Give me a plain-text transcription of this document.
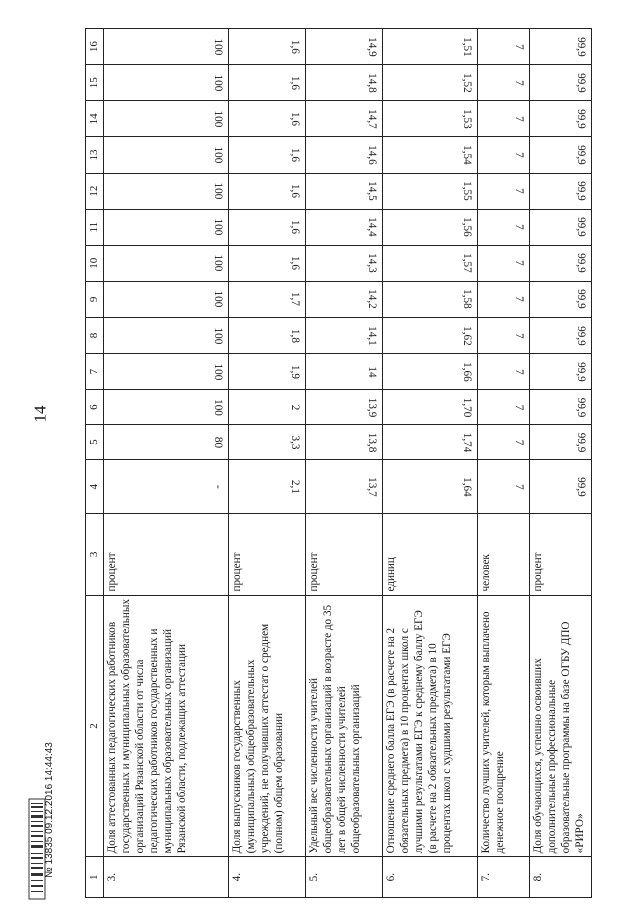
14
1	2	3	4	5	6	7	8	9	10	11	12	13	14	15	16
3.	Доля аттестованных педагогических работников государственных и муниципальных образовательных организаций Рязанской области от числа педагогических работников государственных и муниципальных образовательных организаций Рязанской области, подлежащих аттестации	процент	-	80	100	100	100	100	100	100	100	100	100	100	100
4.	Доля выпускников государственных (муниципальных) общеобразовательных учреждений, не получивших аттестат о среднем (полном) общем образовании	процент	2,1	3,3	2	1,9	1,8	1,7	1,6	1,6	1,6	1,6	1,6	1,6	1,6
5.	Удельный вес численности учителей общеобразовательных организаций в возрасте до 35 лет в общей численности учителей общеобразовательных организаций	процент	13,7	13,8	13,9	14	14,1	14,2	14,3	14,4	14,5	14,6	14,7	14,8	14,9
6.	Отношение среднего балла ЕГЭ (в расчете на 2 обязательных предмета) в 10 процентах школ с лучшими результатами ЕГЭ к среднему баллу ЕГЭ (в расчете на 2 обязательных предмета) в 10 процентах школ с худшими результатами ЕГЭ	единиц	1,64	1,74	1,70	1,66	1,62	1,58	1,57	1,56	1,55	1,54	1,53	1,52	1,51
7.	Количество лучших учителей, которым выплачено денежное поощрение	человек	7	7	7	7	7	7	7	7	7	7	7	7	7
8.	Доля обучающихся, успешно освоивших дополнительные профессиональные образовательные программы на базе ОГБУ ДПО «РИРО»	процент	99,9	99,9	99,9	99,9	99,9	99,9	99,9	99,9	99,9	99,9	99,9	99,9	99,9
№ 13835 09.12.2016 14:44:43
